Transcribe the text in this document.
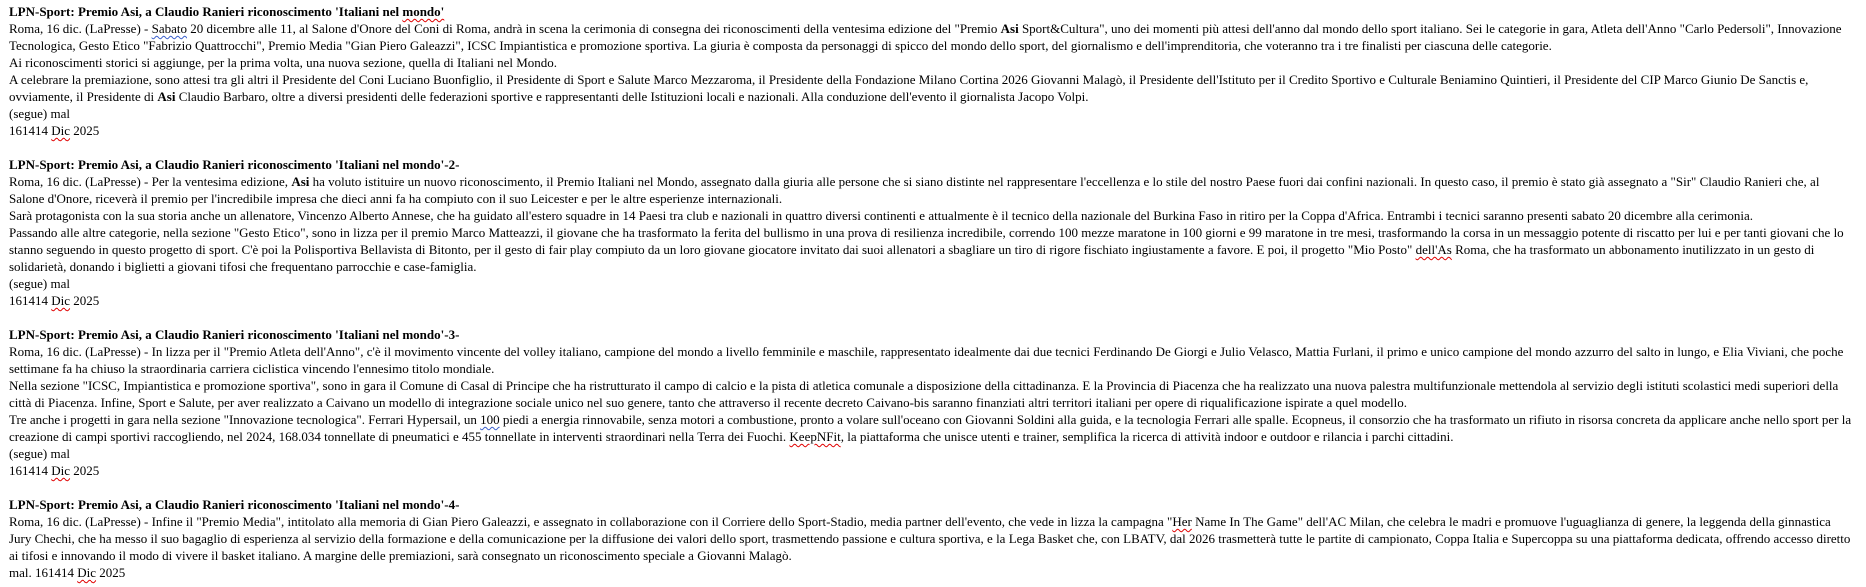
LPN-Sport: Premio Asi, a Claudio Ranieri riconoscimento 'Italiani nel mondo'

Roma, 16 dic. (LaPresse) - Sabato 20 dicembre alle 11, al Salone d'Onore del Coni di Roma, andrà in scena la cerimonia di consegna dei riconoscimenti della ventesima edizione del "Premio Asi Sport&Cultura", uno dei momenti più attesi dell'anno dal mondo dello sport italiano. Sei le categorie in gara, Atleta dell'Anno "Carlo Pedersoli", Innovazione Tecnologica, Gesto Etico "Fabrizio Quattrocchi", Premio Media "Gian Piero Galeazzi", ICSC Impiantistica e promozione sportiva. La giuria è composta da personaggi di spicco del mondo dello sport, del giornalismo e dell'imprenditoria, che voteranno tra i tre finalisti per ciascuna delle categorie.

Ai riconoscimenti storici si aggiunge, per la prima volta, una nuova sezione, quella di Italiani nel Mondo.

A celebrare la premiazione, sono attesi tra gli altri il Presidente del Coni Luciano Buonfiglio, il Presidente di Sport e Salute Marco Mezzaroma, il Presidente della Fondazione Milano Cortina 2026 Giovanni Malagò, il Presidente dell'Istituto per il Credito Sportivo e Culturale Beniamino Quintieri, il Presidente del CIP Marco Giunio De Sanctis e, ovviamente, il Presidente di Asi Claudio Barbaro, oltre a diversi presidenti delle federazioni sportive e rappresentanti delle Istituzioni locali e nazionali. Alla conduzione dell'evento il giornalista Jacopo Volpi.

(segue) mal

161414 Dic 2025

LPN-Sport: Premio Asi, a Claudio Ranieri riconoscimento 'Italiani nel mondo'-2-

Roma, 16 dic. (LaPresse) - Per la ventesima edizione, Asi ha voluto istituire un nuovo riconoscimento, il Premio Italiani nel Mondo, assegnato dalla giuria alle persone che si siano distinte nel rappresentare l'eccellenza e lo stile del nostro Paese fuori dai confini nazionali. In questo caso, il premio è stato già assegnato a "Sir" Claudio Ranieri che, al Salone d'Onore, riceverà il premio per l'incredibile impresa che dieci anni fa ha compiuto con il suo Leicester e per le altre esperienze internazionali.

Sarà protagonista con la sua storia anche un allenatore, Vincenzo Alberto Annese, che ha guidato all'estero squadre in 14 Paesi tra club e nazionali in quattro diversi continenti e attualmente è il tecnico della nazionale del Burkina Faso in ritiro per la Coppa d'Africa. Entrambi i tecnici saranno presenti sabato 20 dicembre alla cerimonia.

Passando alle altre categorie, nella sezione "Gesto Etico", sono in lizza per il premio Marco Matteazzi, il giovane che ha trasformato la ferita del bullismo in una prova di resilienza incredibile, correndo 100 mezze maratone in 100 giorni e 99 maratone in tre mesi, trasformando la corsa in un messaggio potente di riscatto per lui e per tanti giovani che lo stanno seguendo in questo progetto di sport. C'è poi la Polisportiva Bellavista di Bitonto, per il gesto di fair play compiuto da un loro giovane giocatore invitato dai suoi allenatori a sbagliare un tiro di rigore fischiato ingiustamente a favore. E poi, il progetto "Mio Posto" dell'As Roma, che ha trasformato un abbonamento inutilizzato in un gesto di solidarietà, donando i biglietti a giovani tifosi che frequentano parrocchie e case-famiglia.

(segue) mal

161414 Dic 2025

LPN-Sport: Premio Asi, a Claudio Ranieri riconoscimento 'Italiani nel mondo'-3-

Roma, 16 dic. (LaPresse) - In lizza per il "Premio Atleta dell'Anno", c'è il movimento vincente del volley italiano, campione del mondo a livello femminile e maschile, rappresentato idealmente dai due tecnici Ferdinando De Giorgi e Julio Velasco, Mattia Furlani, il primo e unico campione del mondo azzurro del salto in lungo, e Elia Viviani, che poche settimane fa ha chiuso la straordinaria carriera ciclistica vincendo l'ennesimo titolo mondiale.

Nella sezione "ICSC, Impiantistica e promozione sportiva", sono in gara il Comune di Casal di Principe che ha ristrutturato il campo di calcio e la pista di atletica comunale a disposizione della cittadinanza. E la Provincia di Piacenza che ha realizzato una nuova palestra multifunzionale mettendola al servizio degli istituti scolastici medi superiori della città di Piacenza. Infine, Sport e Salute, per aver realizzato a Caivano un modello di integrazione sociale unico nel suo genere, tanto che attraverso il recente decreto Caivano-bis saranno finanziati altri territori italiani per opere di riqualificazione ispirate a quel modello.

Tre anche i progetti in gara nella sezione "Innovazione tecnologica". Ferrari Hypersail, un 100 piedi a energia rinnovabile, senza motori a combustione, pronto a volare sull'oceano con Giovanni Soldini alla guida, e la tecnologia Ferrari alle spalle. Ecopneus, il consorzio che ha trasformato un rifiuto in risorsa concreta da applicare anche nello sport per la creazione di campi sportivi raccogliendo, nel 2024, 168.034 tonnellate di pneumatici e 455 tonnellate in interventi straordinari nella Terra dei Fuochi. KeepNFit, la piattaforma che unisce utenti e trainer, semplifica la ricerca di attività indoor e outdoor e rilancia i parchi cittadini.

(segue) mal

161414 Dic 2025

LPN-Sport: Premio Asi, a Claudio Ranieri riconoscimento 'Italiani nel mondo'-4-

Roma, 16 dic. (LaPresse) - Infine il "Premio Media", intitolato alla memoria di Gian Piero Galeazzi, e assegnato in collaborazione con il Corriere dello Sport-Stadio, media partner dell'evento, che vede in lizza la campagna "Her Name In The Game" dell'AC Milan, che celebra le madri e promuove l'uguaglianza di genere, la leggenda della ginnastica Jury Chechi, che ha messo il suo bagaglio di esperienza al servizio della formazione e della comunicazione per la diffusione dei valori dello sport, trasmettendo passione e cultura sportiva, e la Lega Basket che, con LBATV, dal 2026 trasmetterà tutte le partite di campionato, Coppa Italia e Supercoppa su una piattaforma dedicata, offrendo accesso diretto ai tifosi e innovando il modo di vivere il basket italiano. A margine delle premiazioni, sarà consegnato un riconoscimento speciale a Giovanni Malagò.

mal. 161414 Dic 2025
